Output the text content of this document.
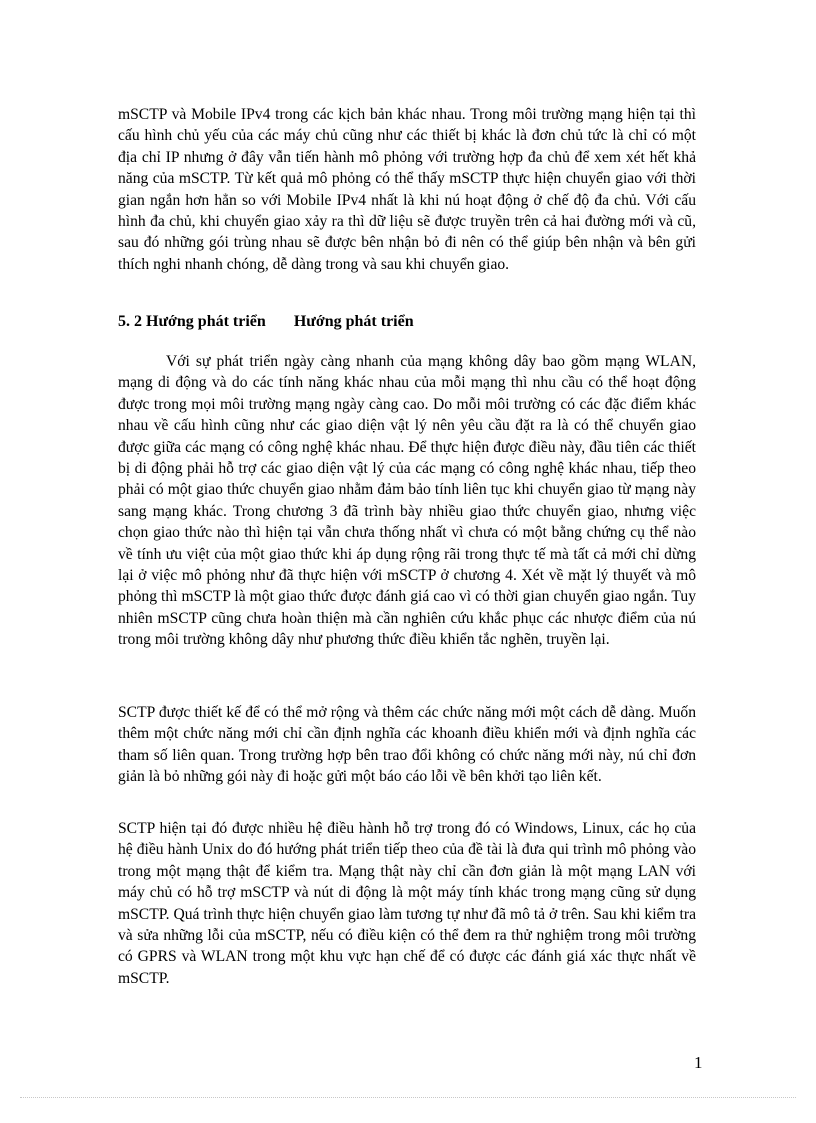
mSCTP và Mobile IPv4 trong các kịch bản khác nhau. Trong môi trường mạng hiện tại thì cấu hình chủ yếu của các máy chủ cũng như các thiết bị khác là đơn chủ tức là chỉ có một địa chỉ IP nhưng ở đây vẫn tiến hành mô phỏng với trường hợp đa chủ để xem xét hết khả năng của mSCTP. Từ kết quả mô phỏng có thể thấy mSCTP thực hiện chuyển giao với thời gian ngắn hơn hẳn so với Mobile IPv4 nhất là khi nú hoạt động ở chế độ đa chủ. Với cấu hình đa chủ, khi chuyển giao xảy ra thì dữ liệu sẽ được truyền trên cả hai đường mới và cũ, sau đó những gói trùng nhau sẽ được bên nhận bỏ đi nên có thể giúp bên nhận và bên gửi thích nghi nhanh chóng, dễ dàng trong và sau khi chuyển giao.

5. 2 Hướng phát triển Hướng phát triển

Với sự phát triển ngày càng nhanh của mạng không dây bao gồm mạng WLAN, mạng di động và do các tính năng khác nhau của mỗi mạng thì nhu cầu có thể hoạt động được trong mọi môi trường mạng ngày càng cao. Do mỗi môi trường có các đặc điểm khác nhau về cấu hình cũng như các giao diện vật lý nên yêu cầu đặt ra là có thể chuyển giao được giữa các mạng có công nghệ khác nhau. Để thực hiện được điều này, đầu tiên các thiết bị di động phải hỗ trợ các giao diện vật lý của các mạng có công nghệ khác nhau, tiếp theo phải có một giao thức chuyển giao nhằm đảm bảo tính liên tục khi chuyển giao từ mạng này sang mạng khác. Trong chương 3 đã trình bày nhiều giao thức chuyển giao, nhưng việc chọn giao thức nào thì hiện tại vẫn chưa thống nhất vì chưa có một bằng chứng cụ thể nào về tính ưu việt của một giao thức khi áp dụng rộng rãi trong thực tế mà tất cả mới chỉ dừng lại ở việc mô phỏng như đã thực hiện với mSCTP ở chương 4. Xét về mặt lý thuyết và mô phỏng thì mSCTP là một giao thức được đánh giá cao vì có thời gian chuyển giao ngắn. Tuy nhiên mSCTP cũng chưa hoàn thiện mà cần nghiên cứu khắc phục các nhược điểm của nú trong môi trường không dây như phương thức điều khiển tắc nghẽn, truyền lại.

SCTP được thiết kế để có thể mở rộng và thêm các chức năng mới một cách dễ dàng. Muốn thêm một chức năng mới chỉ cần định nghĩa các khoanh điều khiển mới và định nghĩa các tham số liên quan. Trong trường hợp bên trao đổi không có chức năng mới này, nú chỉ đơn giản là bỏ những gói này đi hoặc gửi một báo cáo lỗi về bên khởi tạo liên kết.

SCTP hiện tại đó được nhiều hệ điều hành hỗ trợ trong đó có Windows, Linux, các họ của hệ điều hành Unix do đó hướng phát triển tiếp theo của đề tài là đưa qui trình mô phỏng vào trong một mạng thật để kiểm tra. Mạng thật này chỉ cần đơn giản là một mạng LAN với máy chủ có hỗ trợ mSCTP và nút di động là một máy tính khác trong mạng cũng sử dụng mSCTP. Quá trình thực hiện chuyển giao làm tương tự như đã mô tả ở trên. Sau khi kiểm tra và sửa những lỗi của mSCTP, nếu có điều kiện có thể đem ra thử nghiệm trong môi trường có GPRS và WLAN trong một khu vực hạn chế để có được các đánh giá xác thực nhất về mSCTP.

1
